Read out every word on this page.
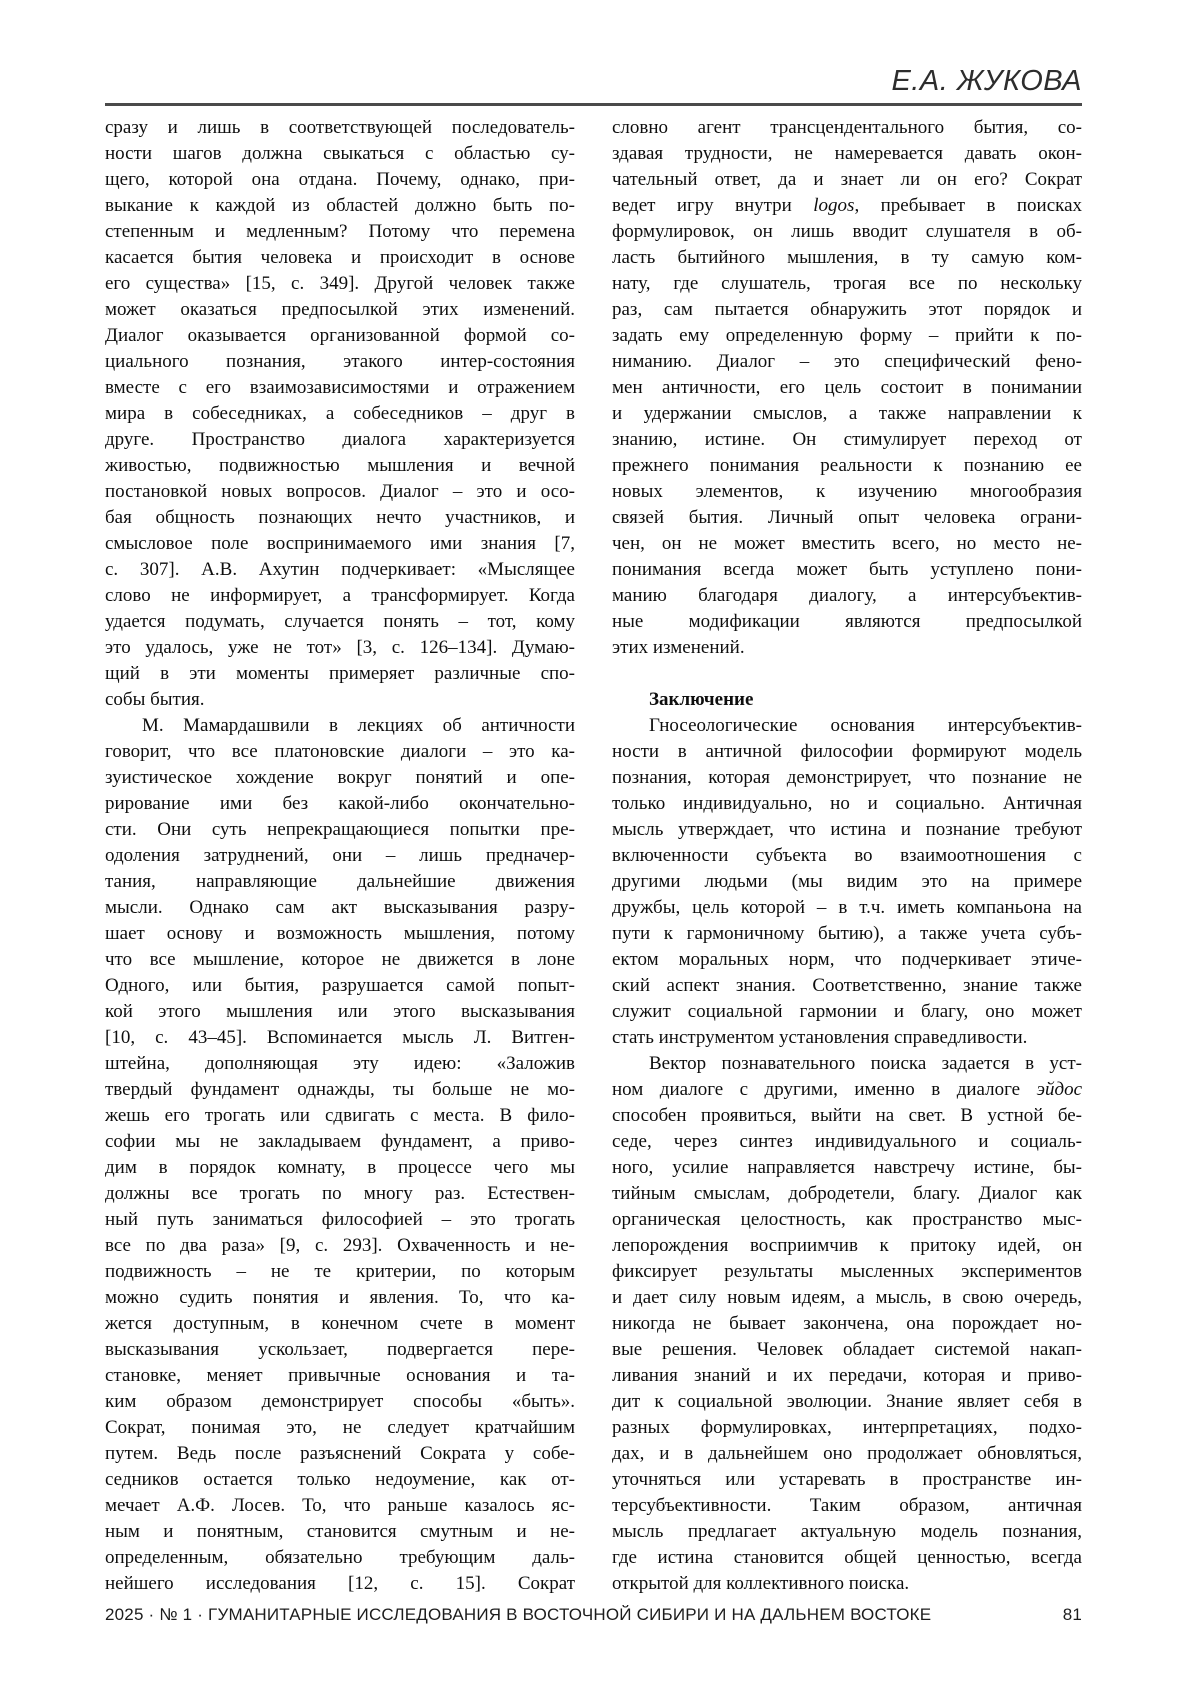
Е.А. ЖУКОВА
сразу и лишь в соответствующей последователь-
ности шагов должна свыкаться с областью су-
щего, которой она отдана. Почему, однако, при-
выкание к каждой из областей должно быть по-
степенным и медленным? Потому что перемена
касается бытия человека и происходит в основе
его существа» [15, с. 349]. Другой человек также
может оказаться предпосылкой этих изменений.
Диалог оказывается организованной формой со-
циального познания, этакого интер-состояния
вместе с его взаимозависимостями и отражением
мира в собеседниках, а собеседников – друг в
друге. Пространство диалога характеризуется
живостью, подвижностью мышления и вечной
постановкой новых вопросов. Диалог – это и осо-
бая общность познающих нечто участников, и
смысловое поле воспринимаемого ими знания [7,
с. 307]. А.В. Ахутин подчеркивает: «Мыслящее
слово не информирует, а трансформирует. Когда
удается подумать, случается понять – тот, кому
это удалось, уже не тот» [3, с. 126–134]. Думаю-
щий в эти моменты примеряет различные спо-
собы бытия.
М. Мамардашвили в лекциях об античности
говорит, что все платоновские диалоги – это ка-
зуистическое хождение вокруг понятий и опе-
рирование ими без какой-либо окончательно-
сти. Они суть непрекращающиеся попытки пре-
одоления затруднений, они – лишь предначер-
тания, направляющие дальнейшие движения
мысли. Однако сам акт высказывания разру-
шает основу и возможность мышления, потому
что все мышление, которое не движется в лоне
Одного, или бытия, разрушается самой попыт-
кой этого мышления или этого высказывания
[10, с. 43–45]. Вспоминается мысль Л. Витген-
штейна, дополняющая эту идею: «Заложив
твердый фундамент однажды, ты больше не мо-
жешь его трогать или сдвигать с места. В фило-
софии мы не закладываем фундамент, а приво-
дим в порядок комнату, в процессе чего мы
должны все трогать по многу раз. Естествен-
ный путь заниматься философией – это трогать
все по два раза» [9, с. 293]. Охваченность и не-
подвижность – не те критерии, по которым
можно судить понятия и явления. То, что ка-
жется доступным, в конечном счете в момент
высказывания ускользает, подвергается пере-
становке, меняет привычные основания и та-
ким образом демонстрирует способы «быть».
Сократ, понимая это, не следует кратчайшим
путем. Ведь после разъяснений Сократа у собе-
седников остается только недоумение, как от-
мечает А.Ф. Лосев. То, что раньше казалось яс-
ным и понятным, становится смутным и не-
определенным, обязательно требующим даль-
нейшего исследования [12, с. 15]. Сократ
словно агент трансцендентального бытия, со-
здавая трудности, не намеревается давать окон-
чательный ответ, да и знает ли он его? Сократ
ведет игру внутри logos, пребывает в поисках
формулировок, он лишь вводит слушателя в об-
ласть бытийного мышления, в ту самую ком-
нату, где слушатель, трогая все по нескольку
раз, сам пытается обнаружить этот порядок и
задать ему определенную форму – прийти к по-
ниманию. Диалог – это специфический фено-
мен античности, его цель состоит в понимании
и удержании смыслов, а также направлении к
знанию, истине. Он стимулирует переход от
прежнего понимания реальности к познанию ее
новых элементов, к изучению многообразия
связей бытия. Личный опыт человека ограни-
чен, он не может вместить всего, но место не-
понимания всегда может быть уступлено пони-
манию благодаря диалогу, а интерсубъектив-
ные модификации являются предпосылкой
этих изменений.
Заключение
Гносеологические основания интерсубъектив-
ности в античной философии формируют модель
познания, которая демонстрирует, что познание не
только индивидуально, но и социально. Античная
мысль утверждает, что истина и познание требуют
включенности субъекта во взаимоотношения с
другими людьми (мы видим это на примере
дружбы, цель которой – в т.ч. иметь компаньона на
пути к гармоничному бытию), а также учета субъ-
ектом моральных норм, что подчеркивает этиче-
ский аспект знания. Соответственно, знание также
служит социальной гармонии и благу, оно может
стать инструментом установления справедливости.
Вектор познавательного поиска задается в уст-
ном диалоге с другими, именно в диалоге эйдос
способен проявиться, выйти на свет. В устной бе-
седе, через синтез индивидуального и социаль-
ного, усилие направляется навстречу истине, бы-
тийным смыслам, добродетели, благу. Диалог как
органическая целостность, как пространство мыс-
лепорождения восприимчив к притоку идей, он
фиксирует результаты мысленных экспериментов
и дает силу новым идеям, а мысль, в свою очередь,
никогда не бывает закончена, она порождает но-
вые решения. Человек обладает системой накап-
ливания знаний и их передачи, которая и приво-
дит к социальной эволюции. Знание являет себя в
разных формулировках, интерпретациях, подхо-
дах, и в дальнейшем оно продолжает обновляться,
уточняться или устаревать в пространстве ин-
терсубъективности. Таким образом, античная
мысль предлагает актуальную модель познания,
где истина становится общей ценностью, всегда
открытой для коллективного поиска.
2025 · № 1 · ГУМАНИТАРНЫЕ ИССЛЕДОВАНИЯ В ВОСТОЧНОЙ СИБИРИ И НА ДАЛЬНЕМ ВОСТОКЕ	81
